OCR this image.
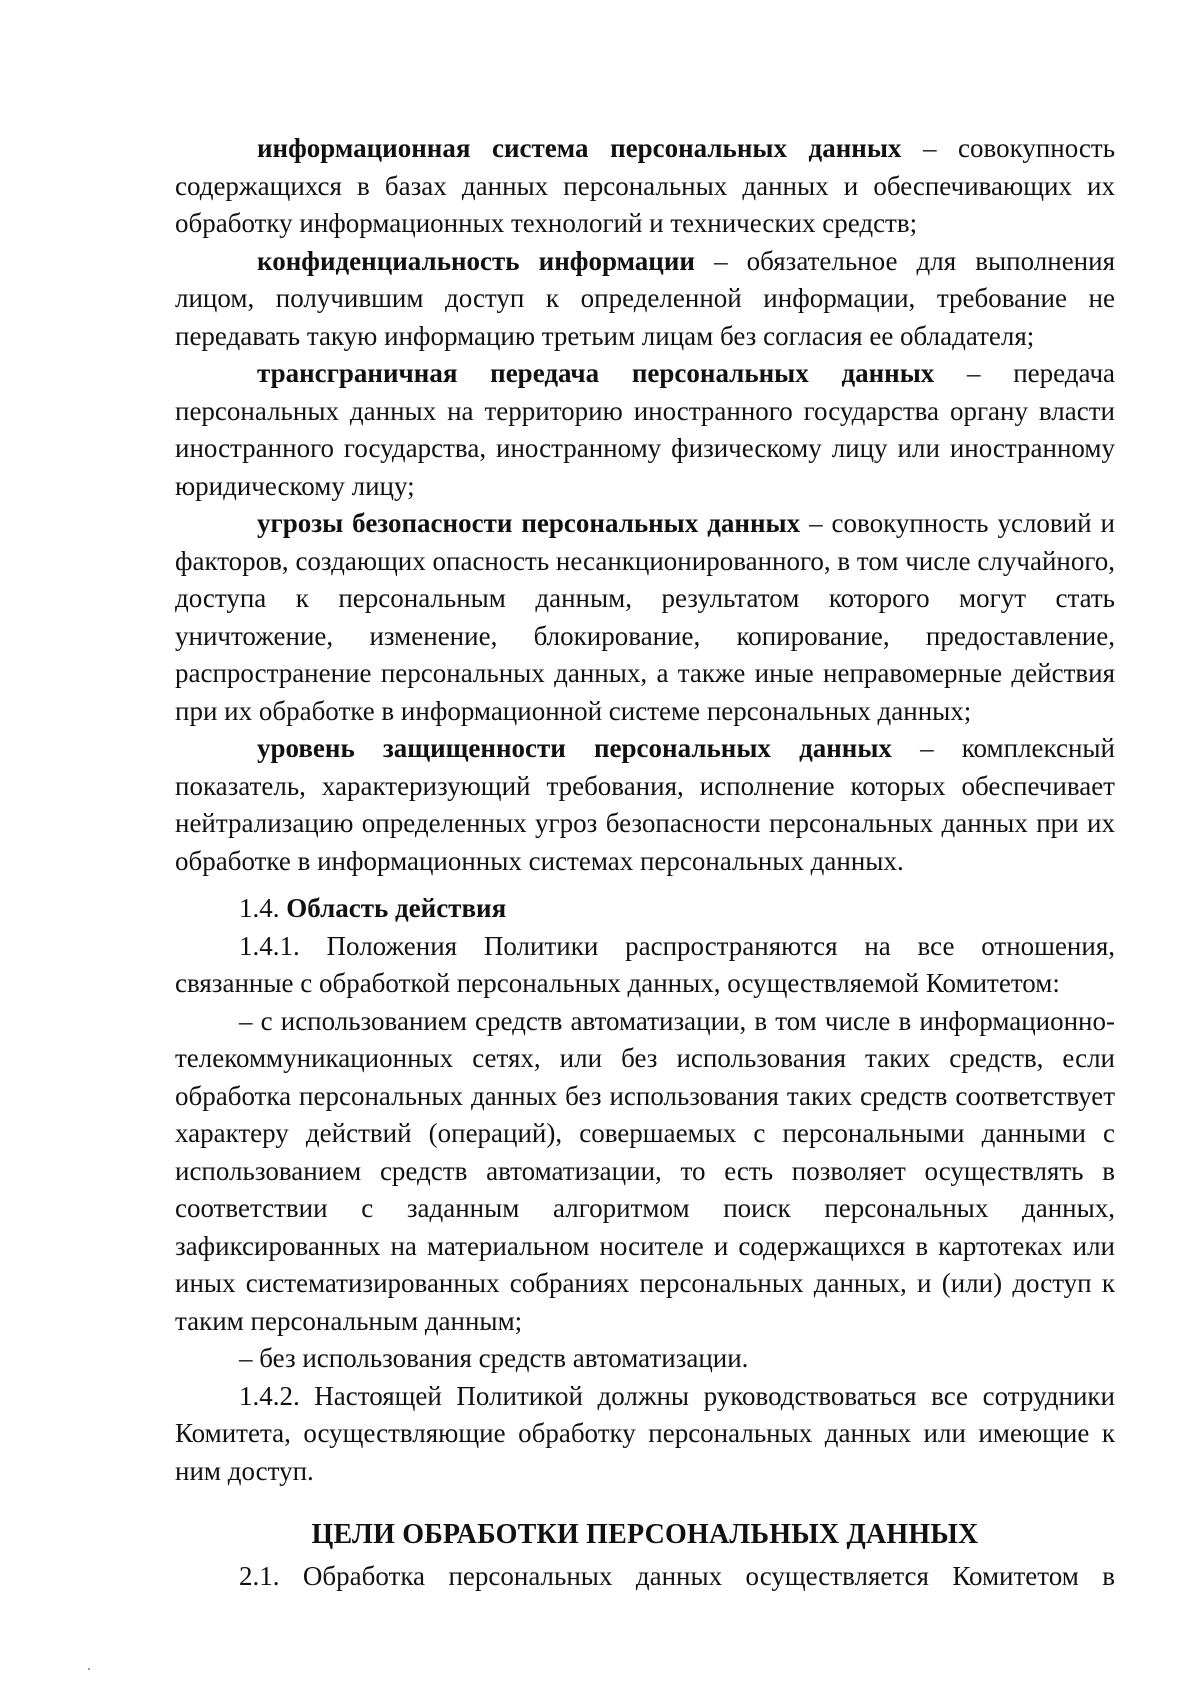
информационная система персональных данных – совокупность содержащихся в базах данных персональных данных и обеспечивающих их обработку информационных технологий и технических средств;

конфиденциальность информации – обязательное для выполнения лицом, получившим доступ к определенной информации, требование не передавать такую информацию третьим лицам без согласия ее обладателя;

трансграничная передача персональных данных – передача персональных данных на территорию иностранного государства органу власти иностранного государства, иностранному физическому лицу или иностранному юридическому лицу;

угрозы безопасности персональных данных – совокупность условий и факторов, создающих опасность несанкционированного, в том числе случайного, доступа к персональным данным, результатом которого могут стать уничтожение, изменение, блокирование, копирование, предоставление, распространение персональных данных, а также иные неправомерные действия при их обработке в информационной системе персональных данных;

уровень защищенности персональных данных – комплексный показатель, характеризующий требования, исполнение которых обеспечивает нейтрализацию определенных угроз безопасности персональных данных при их обработке в информационных системах персональных данных.

1.4. Область действия

1.4.1. Положения Политики распространяются на все отношения, связанные с обработкой персональных данных, осуществляемой Комитетом:

– с использованием средств автоматизации, в том числе в информационно-телекоммуникационных сетях, или без использования таких средств, если обработка персональных данных без использования таких средств соответствует характеру действий (операций), совершаемых с персональными данными с использованием средств автоматизации, то есть позволяет осуществлять в соответствии с заданным алгоритмом поиск персональных данных, зафиксированных на материальном носителе и содержащихся в картотеках или иных систематизированных собраниях персональных данных, и (или) доступ к таким персональным данным;

– без использования средств автоматизации.

1.4.2. Настоящей Политикой должны руководствоваться все сотрудники Комитета, осуществляющие обработку персональных данных или имеющие к ним доступ.

ЦЕЛИ ОБРАБОТКИ ПЕРСОНАЛЬНЫХ ДАННЫХ

2.1. Обработка персональных данных осуществляется Комитетом в
